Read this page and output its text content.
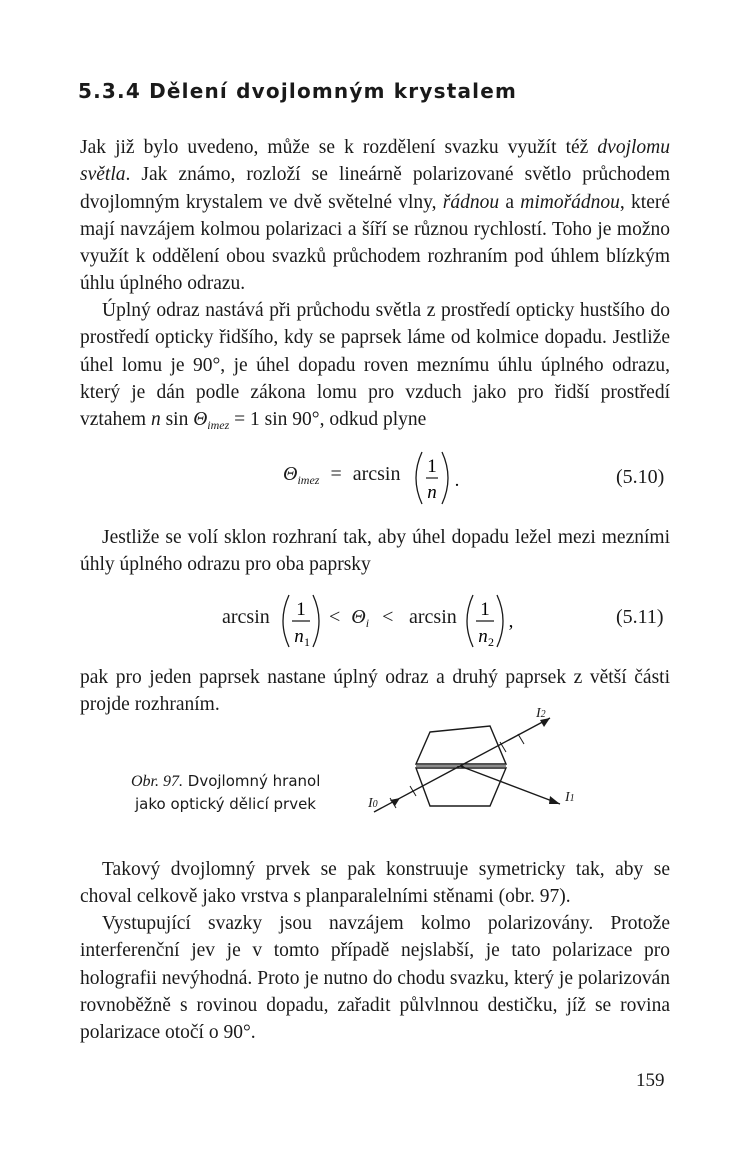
5.3.4 Dělení dvojlomným krystalem

Jak již bylo uvedeno, může se k rozdělení svazku využít též dvojlomu světla. Jak známo, rozloží se lineárně polarizované světlo průchodem dvojlomným krystalem ve dvě světelné vlny, řádnou a mimořádnou, které mají navzájem kolmou polarizaci a šíří se různou rychlostí. Toho je možno využít k oddělení obou svazků průchodem rozhraním pod úhlem blízkým úhlu úplného odrazu.

Úplný odraz nastává při průchodu světla z prostředí opticky hustšího do prostředí opticky řidšího, kdy se paprsek láme od kolmice dopadu. Jestliže úhel lomu je 90°, je úhel dopadu roven meznímu úhlu úplného odrazu, který je dán podle zákona lomu pro vzduch jako pro řidší prostředí vztahem n $\sin \Theta_{imez} = 1$ sin 90°, odkud plyne

$\Theta_{imez} = \arcsin 1$
n
.	(5.10)

Jestliže se volí sklon rozhraní tak, aby úhel dopadu ležel mezi mezními úhly úplného odrazu pro oba paprsky

arcsin 1
n 1
< $\Theta_i < \arcsin 1$
n 2
,	(5.11)

pak pro jeden paprsek nastane úplný odraz a druhý paprsek z větší části projde rozhraním.

Obr. 97. Dvojlomný hranol
jako optický dělicí prvek	I0
I2
I1

Takový dvojlomný prvek se pak konstruuje symetricky tak, aby se choval celkově jako vrstva s planparalelními stěnami (obr. 97).

Vystupující svazky jsou navzájem kolmo polarizovány. Protože interferenční jev je v tomto případě nejslabší, je tato polarizace pro holografii nevýhodná. Proto je nutno do chodu svazku, který je polarizován rovnoběžně s rovinou dopadu, zařadit půlvlnnou destičku, jíž se rovina polarizace otočí o 90°.

159
